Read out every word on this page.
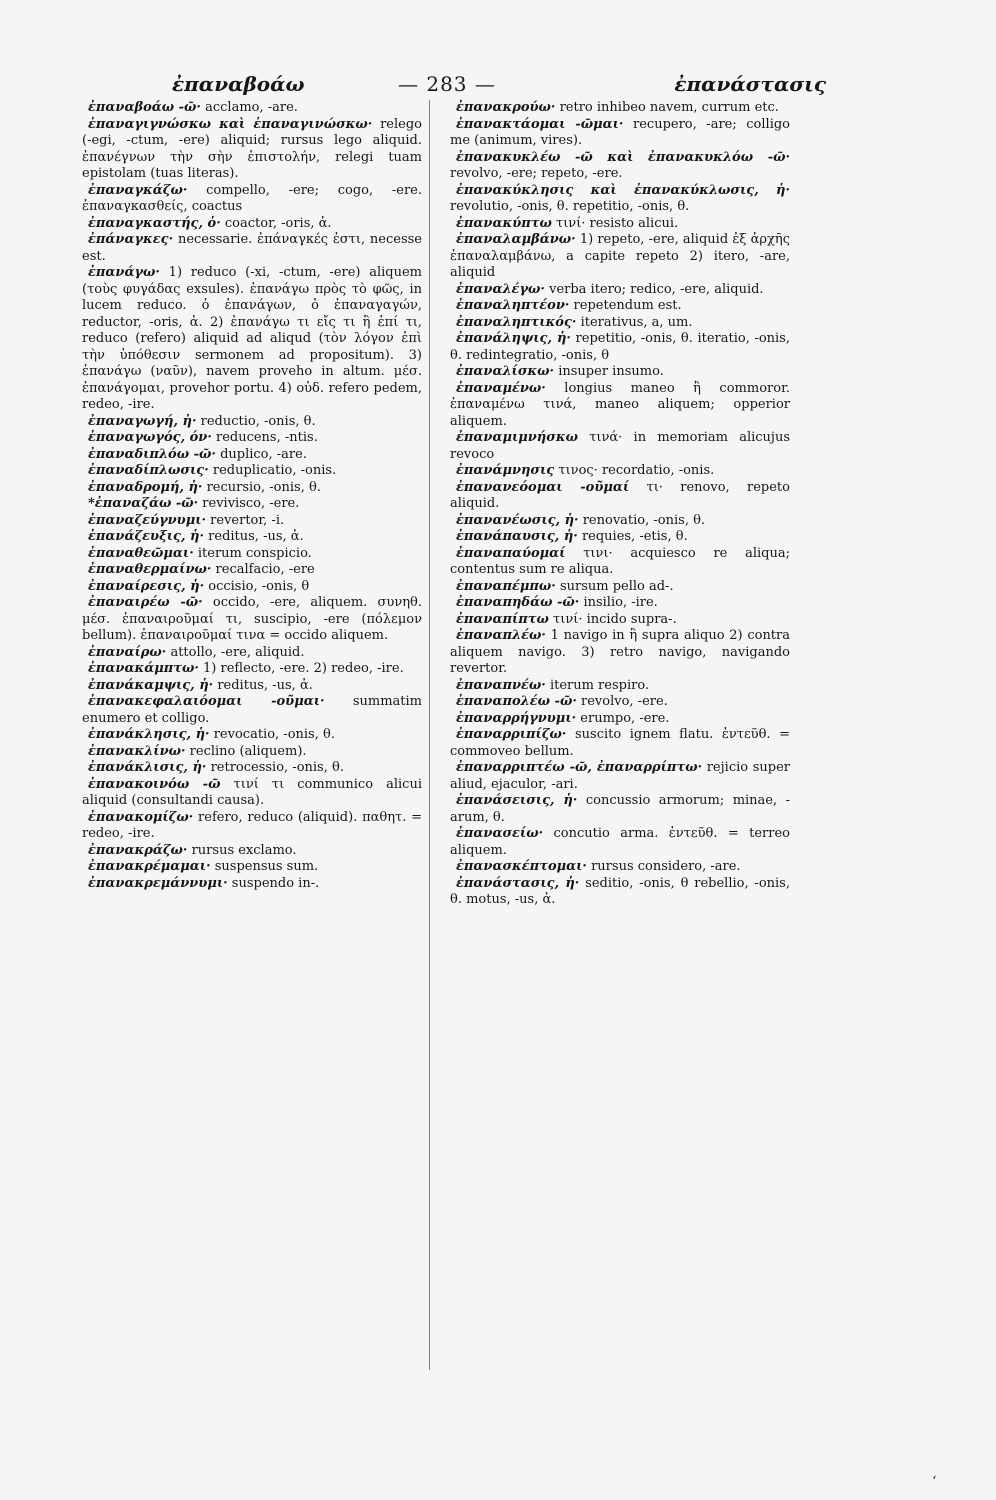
ἐπαναβοάω	— 283 —	ἐπανάστασις

ἐπαναβοάω -ῶ· acclamo, -are.

ἐπαναγιγνώσκω καὶ ἐπαναγινώσκω· relego (-egi, -ctum, -ere) aliquid; rursus lego aliquid. ἐπανέγνων τὴν σὴν ἐπιστολήν, relegi tuam epistolam (tuas literas).

ἐπαναγκάζω· compello, -ere; cogo, -ere. ἐπαναγκασθείς, coactus

ἐπαναγκαστής, ὁ· coactor, -oris, ἀ.

ἐπάναγκες· necessarie. ἐπάναγκές ἐστι, necesse est.

ἐπανάγω· 1) reduco (-xi, -ctum, -ere) aliquem (τοὺς φυγάδας exsules). ἐπανάγω πρὸς τὸ φῶς, in lucem reduco. ὁ ἐπανάγων, ὁ ἐπαναγαγών, reductor, -oris, ἀ. 2) ἐπανάγω τι εἴς τι ἢ ἐπί τι, reduco (refero) aliquid ad aliqud (τὸν λόγον ἐπὶ τὴν ὑπόθεσιν sermonem ad propositum). 3) ἐπανάγω (ναῦν), navem proveho in altum. μέσ. ἐπανάγομαι, provehor portu. 4) οὐδ. refero pedem, redeo, -ire.

ἐπαναγωγή, ἡ· reductio, -onis, θ.

ἐπαναγωγός, όν· reducens, -ntis.

ἐπαναδιπλόω -ῶ· duplico, -are.

ἐπαναδίπλωσις· reduplicatio, -onis.

ἐπαναδρομή, ἡ· recursio, -onis, θ.

*ἐπαναζάω -ῶ· revivisco, -ere.

ἐπαναζεύγνυμι· revertor, -i.

ἐπανάζευξις, ἡ· reditus, -us, ἀ.

ἐπαναθεῶμαι· iterum conspicio.

ἐπαναθερμαίνω· recalfacio, -ere

ἐπαναίρεσις, ἡ· occisio, -onis, θ

ἐπαναιρέω -ῶ· occido, -ere, aliquem. συνηθ. μέσ. ἐπαναιροῦμαί τι, suscipio, -ere (πόλεμον bellum). ἐπαναιροῦμαί τινα = occido aliquem.

ἐπαναίρω· attollo, -ere, aliquid.

ἐπανακάμπτω· 1) reflecto, -ere. 2) redeo, -ire.

ἐπανάκαμψις, ἡ· reditus, -us, ἀ.

ἐπανακεφαλαιόομαι -οῦμαι· summatim enumero et colligo.

ἐπανάκλησις, ἡ· revocatio, -onis, θ.

ἐπανακλίνω· reclino (aliquem).

ἐπανάκλισις, ἡ· retrocessio, -onis, θ.

ἐπανακοινόω -ῶ τινί τι communico alicui aliquid (consultandi causa).

ἐπανακομίζω· refero, reduco (aliquid). παθητ. = redeo, -ire.

ἐπανακράζω· rursus exclamo.

ἐπανακρέμαμαι· suspensus sum.

ἐπανακρεμάννυμι· suspendo in-.

ἐπανακρούω· retro inhibeo navem, currum etc.

ἐπανακτάομαι -ῶμαι· recupero, -are; colligo me (animum, vires).

ἐπανακυκλέω -ῶ καὶ ἐπανακυκλόω -ῶ· revolvo, -ere; repeto, -ere.

ἐπανακύκλησις καὶ ἐπανακύκλωσις, ἡ· revolutio, -onis, θ. repetitio, -onis, θ.

ἐπανακύπτω τινί· resisto alicui.

ἐπαναλαμβάνω· 1) repeto, -ere, aliquid ἐξ ἀρχῆς ἐπαναλαμβάνω, a capite repeto 2) itero, -are, aliquid

ἐπαναλέγω· verba itero; redico, -ere, aliquid.

ἐπαναληπτέον· repetendum est.

ἐπαναληπτικός· iterativus, a, um.

ἐπανάληψις, ἡ· repetitio, -onis, θ. iteratio, -onis, θ. redintegratio, -onis, θ

ἐπαναλίσκω· insuper insumo.

ἐπαναμένω· longius maneo ἢ commoror. ἐπαναμένω τινά, maneo aliquem; opperior aliquem.

ἐπαναμιμνήσκω τινά· in memoriam alicujus revoco

ἐπανάμνησις τινος· recordatio, -onis.

ἐπανανεόομαι -οῦμαί τι· renovo, repeto aliquid.

ἐπανανέωσις, ἡ· renovatio, -onis, θ.

ἐπανάπαυσις, ἡ· requies, -etis, θ.

ἐπαναπαύομαί τινι· acquiesco re aliqua; contentus sum re aliqua.

ἐπαναπέμπω· sursum pello ad-.

ἐπαναπηδάω -ῶ· insilio, -ire.

ἐπαναπίπτω τινί· incido supra-.

ἐπαναπλέω· 1 navigo in ἢ supra aliquo 2) contra aliquem navigo. 3) retro navigo, navigando revertor.

ἐπαναπνέω· iterum respiro.

ἐπαναπολέω -ῶ· revolvo, -ere.

ἐπαναρρήγνυμι· erumpo, -ere.

ἐπαναρριπίζω· suscito ignem flatu. ἐντεῦθ. = commoveo bellum.

ἐπαναρριπτέω -ῶ, ἐπαναρρίπτω· rejicio super aliud, ejaculor, -ari.

ἐπανάσεισις, ἡ· concussio armorum; minae, -arum, θ.

ἐπανασείω· concutio arma. ἐντεῦθ. = terreo aliquem.

ἐπανασκέπτομαι· rursus considero, -are.

ἐπανάστασις, ἡ· seditio, -onis, θ rebellio, -onis, θ. motus, -us, ἀ.

‘
